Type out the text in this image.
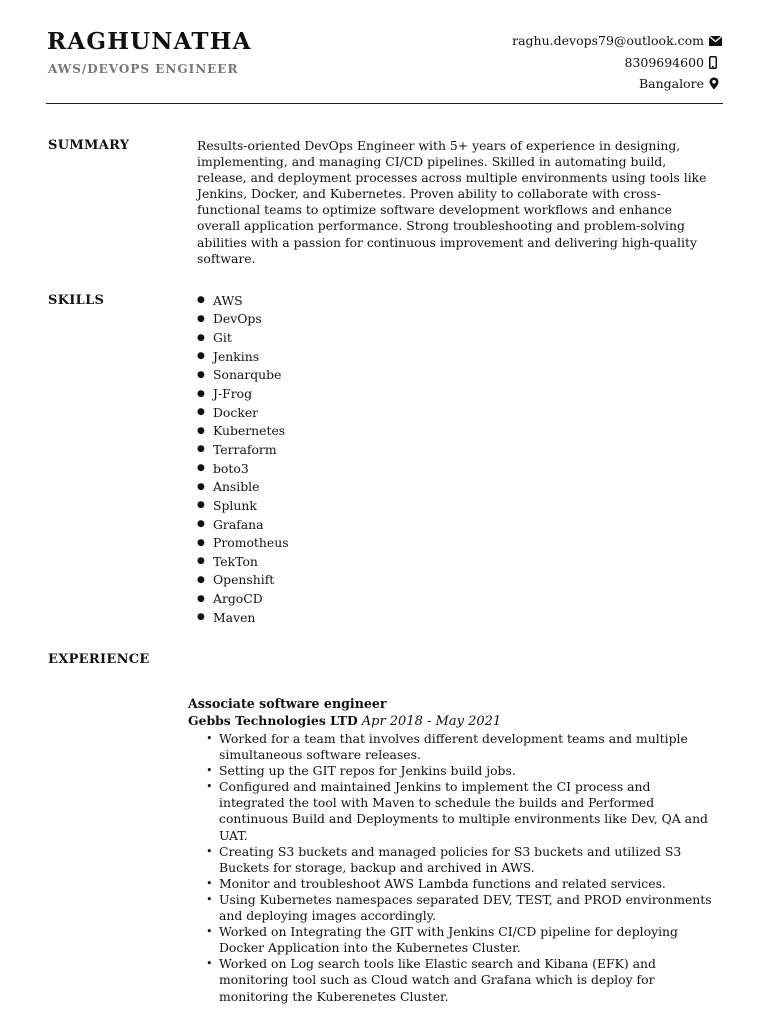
RAGHUNATHA
AWS/DEVOPS ENGINEER
raghu.devops79@outlook.com
8309694600
Bangalore
SUMMARY	Results-oriented DevOps Engineer with 5+ years of experience in designing,
implementing, and managing CI/CD pipelines. Skilled in automating build,
release, and deployment processes across multiple environments using tools like
Jenkins, Docker, and Kubernetes. Proven ability to collaborate with cross-
functional teams to optimize software development workflows and enhance
overall application performance. Strong troubleshooting and problem-solving
abilities with a passion for continuous improvement and delivering high-quality
software.
SKILLS	● AWS
● DevOps
● Git
● Jenkins
● Sonarqube
● J-Frog
● Docker
● Kubernetes
● Terraform
● boto3
● Ansible
● Splunk
● Grafana
● Promotheus
● TekTon
● Openshift
● ArgoCD
● Maven
EXPERIENCE
Associate software engineer
Gebbs Technologies LTD Apr 2018 - May 2021
• Worked for a team that involves different development teams and multiple
simultaneous software releases.
• Setting up the GIT repos for Jenkins build jobs.
• Configured and maintained Jenkins to implement the CI process and
integrated the tool with Maven to schedule the builds and Performed
continuous Build and Deployments to multiple environments like Dev, QA and
UAT.
• Creating S3 buckets and managed policies for S3 buckets and utilized S3
Buckets for storage, backup and archived in AWS.
• Monitor and troubleshoot AWS Lambda functions and related services.
• Using Kubernetes namespaces separated DEV, TEST, and PROD environments
and deploying images accordingly.
• Worked on Integrating the GIT with Jenkins CI/CD pipeline for deploying
Docker Application into the Kubernetes Cluster.
• Worked on Log search tools like Elastic search and Kibana (EFK) and
monitoring tool such as Cloud watch and Grafana which is deploy for
monitoring the Kuberenetes Cluster.
